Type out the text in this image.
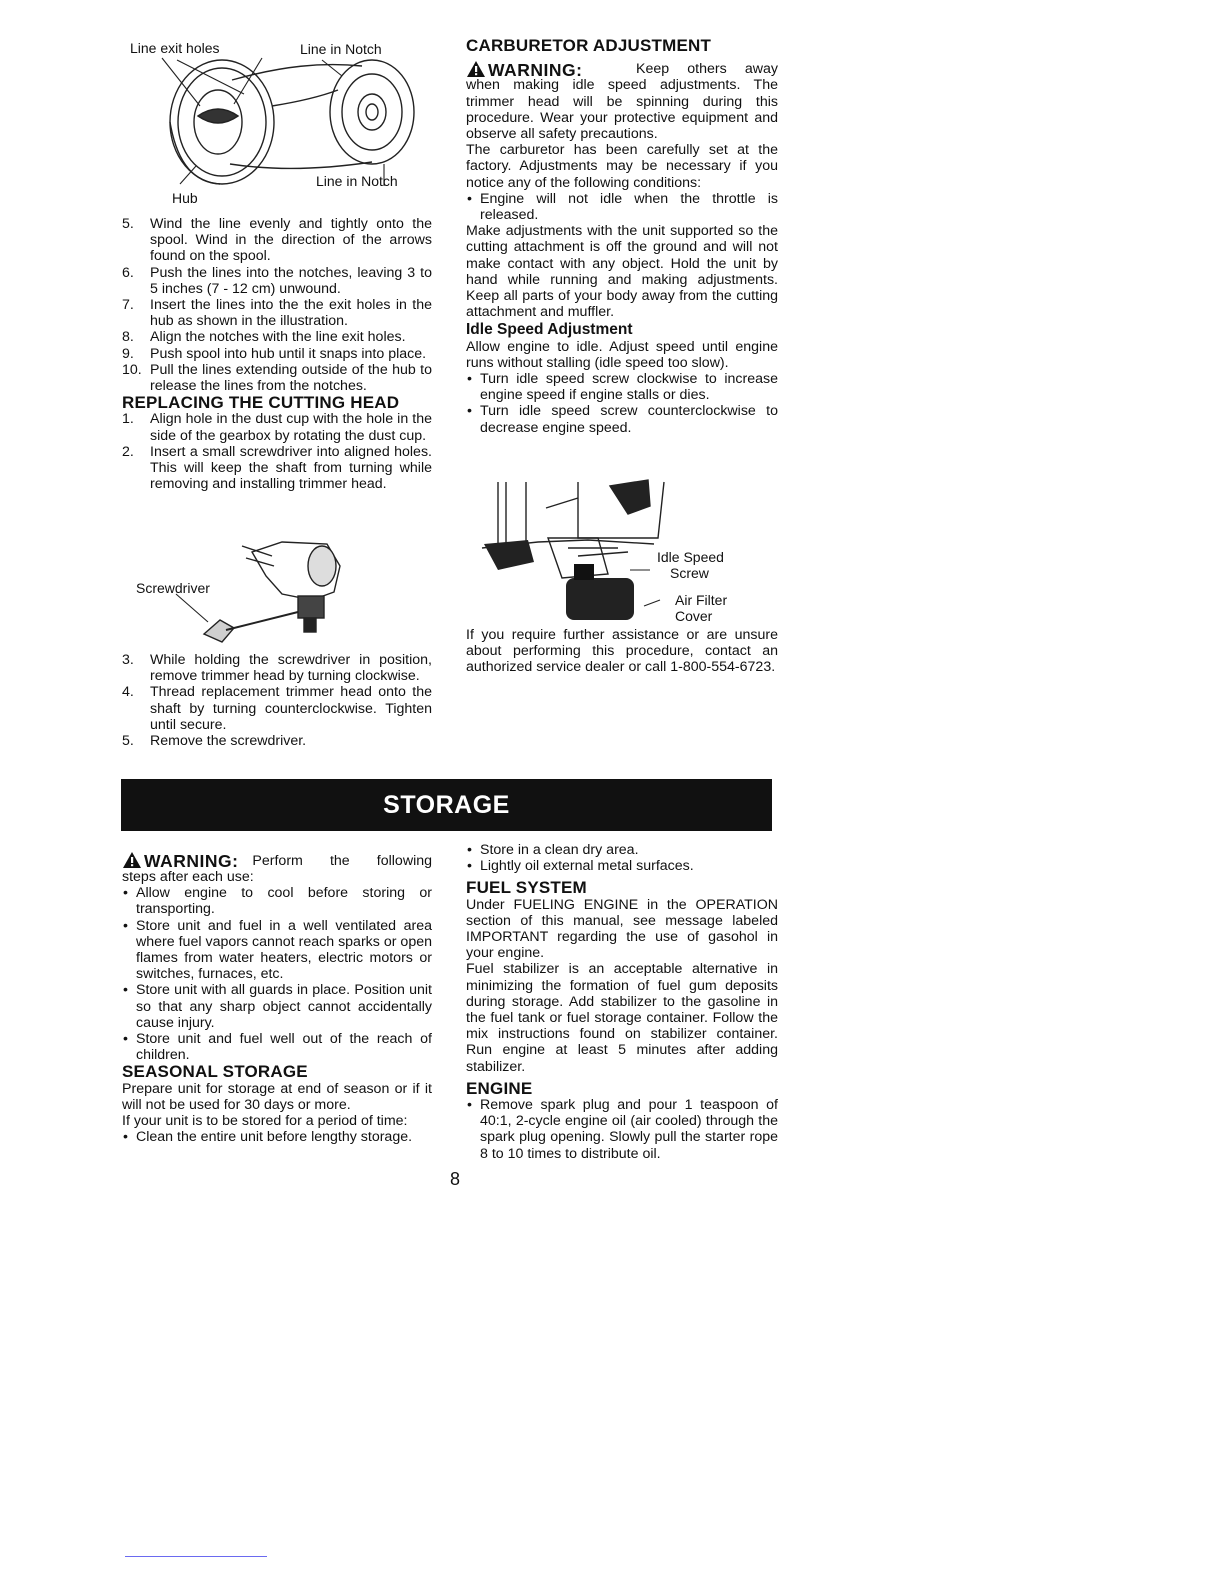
Line exit holes	Line in Notch
Line in Notch
Hub
5. Wind the line evenly and tightly onto the spool. Wind in the direction of the arrows found on the spool.
6. Push the lines into the notches, leaving 3 to 5 inches (7 - 12 cm) unwound.
7. Insert the lines into the the exit holes in the hub as shown in the illustration.
8. Align the notches with the line exit holes.
9. Push spool into hub until it snaps into place.
10. Pull the lines extending outside of the hub to release the lines from the notches.
REPLACING THE CUTTING HEAD
1. Align hole in the dust cup with the hole in the side of the gearbox by rotating the dust cup.
2. Insert a small screwdriver into aligned holes. This will keep the shaft from turning while removing and installing trimmer head.
Screwdriver
3. While holding the screwdriver in position, remove trimmer head by turning clockwise.
4. Thread replacement trimmer head onto the shaft by turning counterclockwise. Tighten until secure.
5. Remove the screwdriver.
CARBURETOR ADJUSTMENT
WARNING:	Keep others away when making idle speed adjustments. The trimmer head will be spinning during this procedure. Wear your protective equipment and observe all safety precautions.

The carburetor has been carefully set at the factory. Adjustments may be necessary if you notice any of the following conditions:

• Engine will not idle when the throttle is released.

Make adjustments with the unit supported so the cutting attachment is off the ground and will not make contact with any object. Hold the unit by hand while running and making adjustments. Keep all parts of your body away from the cutting attachment and muffler.

Idle Speed Adjustment

Allow engine to idle. Adjust speed until engine runs without stalling (idle speed too slow).

• Turn idle speed screw clockwise to increase engine speed if engine stalls or dies.
• Turn idle speed screw counterclockwise to decrease engine speed.
Idle Speed
Screw
Air Filter
Cover

If you require further assistance or are unsure about performing this procedure, contact an authorized service dealer or call 1-800-554-6723.

STORAGE
WARNING: Perform the following

steps after each use:

• Allow engine to cool before storing or transporting.
• Store unit and fuel in a well ventilated area where fuel vapors cannot reach sparks or open flames from water heaters, electric motors or switches, furnaces, etc.
• Store unit with all guards in place. Position unit so that any sharp object cannot accidentally cause injury.
• Store unit and fuel well out of the reach of children.
SEASONAL STORAGE

Prepare unit for storage at end of season or if it will not be used for 30 days or more.

If your unit is to be stored for a period of time:

• Clean the entire unit before lengthy storage.
• Store in a clean dry area.
• Lightly oil external metal surfaces.
FUEL SYSTEM

Under FUELING ENGINE in the OPERATION section of this manual, see message labeled IMPORTANT regarding the use of gasohol in your engine.

Fuel stabilizer is an acceptable alternative in minimizing the formation of fuel gum deposits during storage. Add stabilizer to the gasoline in the fuel tank or fuel storage container. Follow the mix instructions found on stabilizer container. Run engine at least 5 minutes after adding stabilizer.

ENGINE
• Remove spark plug and pour 1 teaspoon of 40:1, 2-cycle engine oil (air cooled) through the spark plug opening. Slowly pull the starter rope 8 to 10 times to distribute oil.
8
